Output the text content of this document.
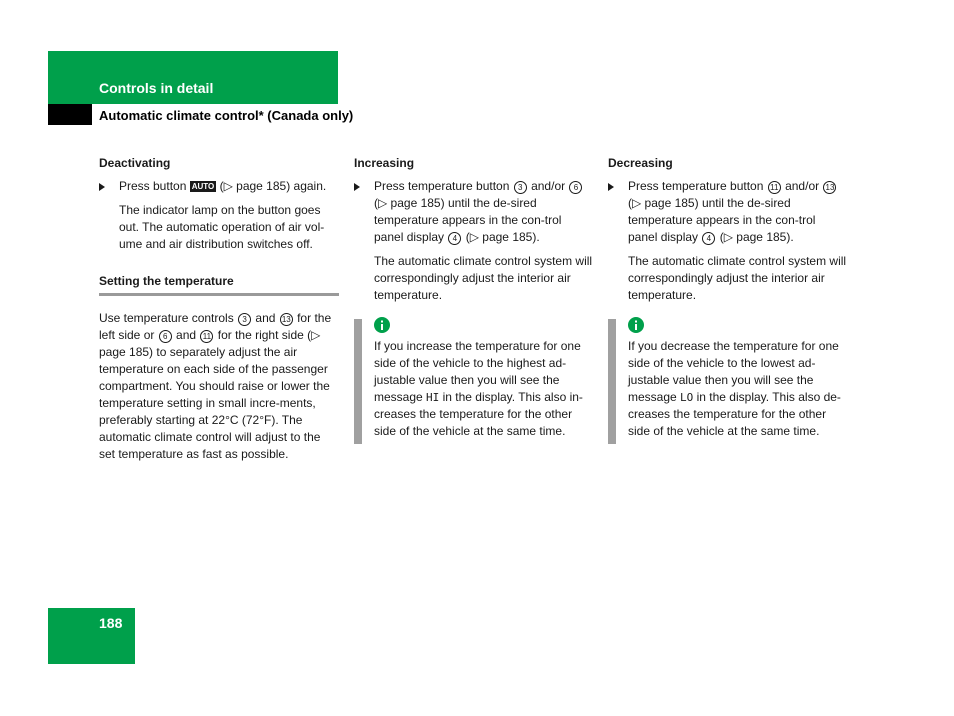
Controls in detail
Automatic climate control* (Canada only)

Deactivating

Press button AUTO (▷ page 185) again.

The indicator lamp on the button goes out. The automatic operation of air vol-ume and air distribution switches off.

Setting the temperature

Use temperature controls 3 and 13 for the left side or 6 and 11 for the right side (▷ page 185) to separately adjust the air temperature on each side of the passenger compartment. You should raise or lower the temperature setting in small incre-ments, preferably starting at 22°C (72°F). The automatic climate control will adjust to the set temperature as fast as possible.

Increasing

Press temperature button 3 and/or 6 (▷ page 185) until the de-sired temperature appears in the con-trol panel display 4 (▷ page 185).

The automatic climate control system will correspondingly adjust the interior air temperature.

If you increase the temperature for one side of the vehicle to the highest ad-justable value then you will see the message HI in the display. This also in-creases the temperature for the other side of the vehicle at the same time.

Decreasing

Press temperature button 11 and/or 13 (▷ page 185) until the de-sired temperature appears in the con-trol panel display 4 (▷ page 185).

The automatic climate control system will correspondingly adjust the interior air temperature.

If you decrease the temperature for one side of the vehicle to the lowest ad-justable value then you will see the message LO in the display. This also de-creases the temperature for the other side of the vehicle at the same time.

188
